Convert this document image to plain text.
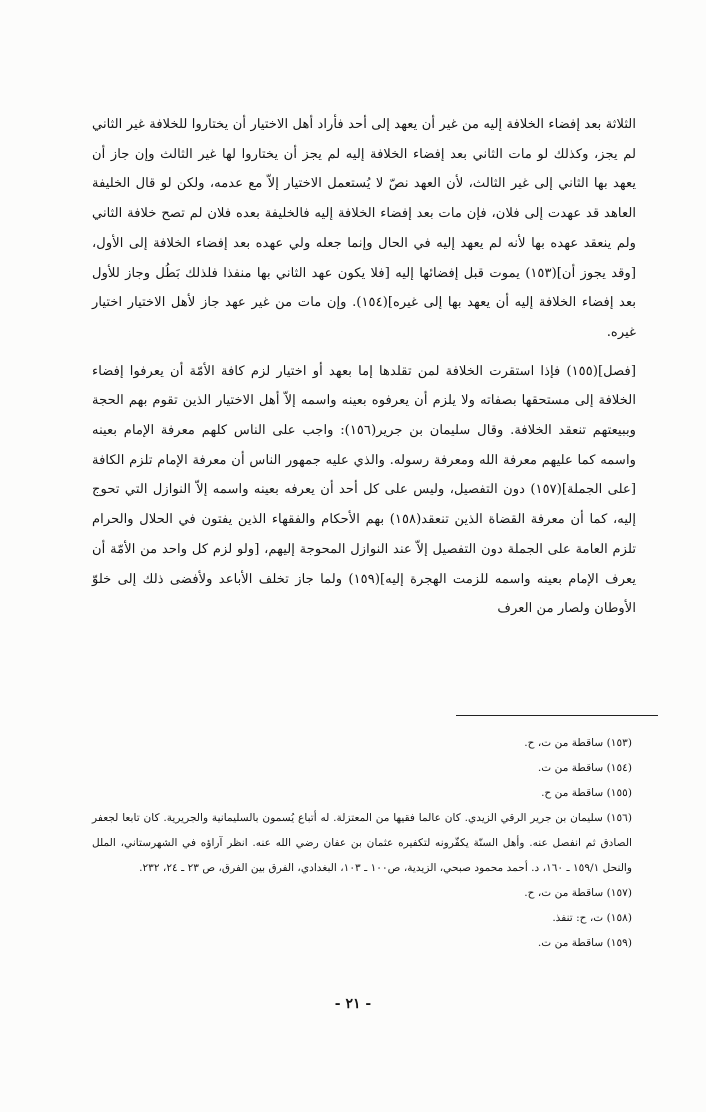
الثلاثة بعد إفضاء الخلافة إليه من غير أن يعهد إلى أحد فأراد أهل الاختيار أن يختاروا للخلافة غير الثاني لم يجز، وكذلك لو مات الثاني بعد إفضاء الخلافة إليه لم يجز أن يختاروا لها غير الثالث وإن جاز أن يعهد بها الثاني إلى غير الثالث، لأن العهد نصّ لا يُستعمل الاختيار إلاّ مع عدمه، ولكن لو قال الخليفة العاهد قد عهدت إلى فلان، فإن مات بعد إفضاء الخلافة إليه فالخليفة بعده فلان لم تصح خلافة الثاني ولم ينعقد عهده بها لأنه لم يعهد إليه في الحال وإنما جعله ولي عهده بعد إفضاء الخلافة إلى الأول، [وقد يجوز أن](١٥٣) يموت قبل إفضائها إليه [فلا يكون عهد الثاني بها منفذا فلذلك بَطُل وجاز للأول بعد إفضاء الخلافة إليه أن يعهد بها إلى غيره](١٥٤). وإن مات من غير عهد جاز لأهل الاختيار اختيار غيره.

[فصل](١٥٥) فإذا استقرت الخلافة لمن تقلدها إما بعهد أو اختيار لزم كافة الأمّة أن يعرفوا إفضاء الخلافة إلى مستحقها بصفاته ولا يلزم أن يعرفوه بعينه واسمه إلاّ أهل الاختيار الذين تقوم بهم الحجة وببيعتهم تنعقد الخلافة. وقال سليمان بن جرير(١٥٦): واجب على الناس كلهم معرفة الإمام بعينه واسمه كما عليهم معرفة الله ومعرفة رسوله. والذي عليه جمهور الناس أن معرفة الإمام تلزم الكافة [على الجملة](١٥٧) دون التفصيل، وليس على كل أحد أن يعرفه بعينه واسمه إلاّ النوازل التي تحوج إليه، كما أن معرفة القضاة الذين تنعقد(١٥٨) بهم الأحكام والفقهاء الذين يفتون في الحلال والحرام تلزم العامة على الجملة دون التفصيل إلاّ عند النوازل المحوجة إليهم، [ولو لزم كل واحد من الأمّة أن يعرف الإمام بعينه واسمه للزمت الهجرة إليه](١٥٩) ولما جاز تخلف الأباعد ولأفضى ذلك إلى خلوّ الأوطان ولصار من العرف

(١٥٣) ساقطة من ت، ح.

(١٥٤) ساقطة من ت.

(١٥٥) ساقطة من ح.

(١٥٦) سليمان بن جرير الرقي الزيدي. كان عالما فقيها من المعتزلة. له أتباع يُسمون بالسليمانية والجريرية. كان تابعا لجعفر الصادق ثم انفصل عنه. وأهل السنّة يكفّرونه لتكفيره عثمان بن عفان رضي الله عنه. انظر آراؤه في الشهرستاني، الملل والنحل ١٥٩/١ ـ ١٦٠، د. أحمد محمود صبحي، الزيدية، ص١٠٠ ـ ١٠٣، البغدادي، الفرق بين الفرق، ص ٢٣ ـ ٢٤، ٢٣٢.

(١٥٧) ساقطة من ت، ح.

(١٥٨) ت، ح: تنفذ.

(١٥٩) ساقطة من ت.

- ٢١ -
